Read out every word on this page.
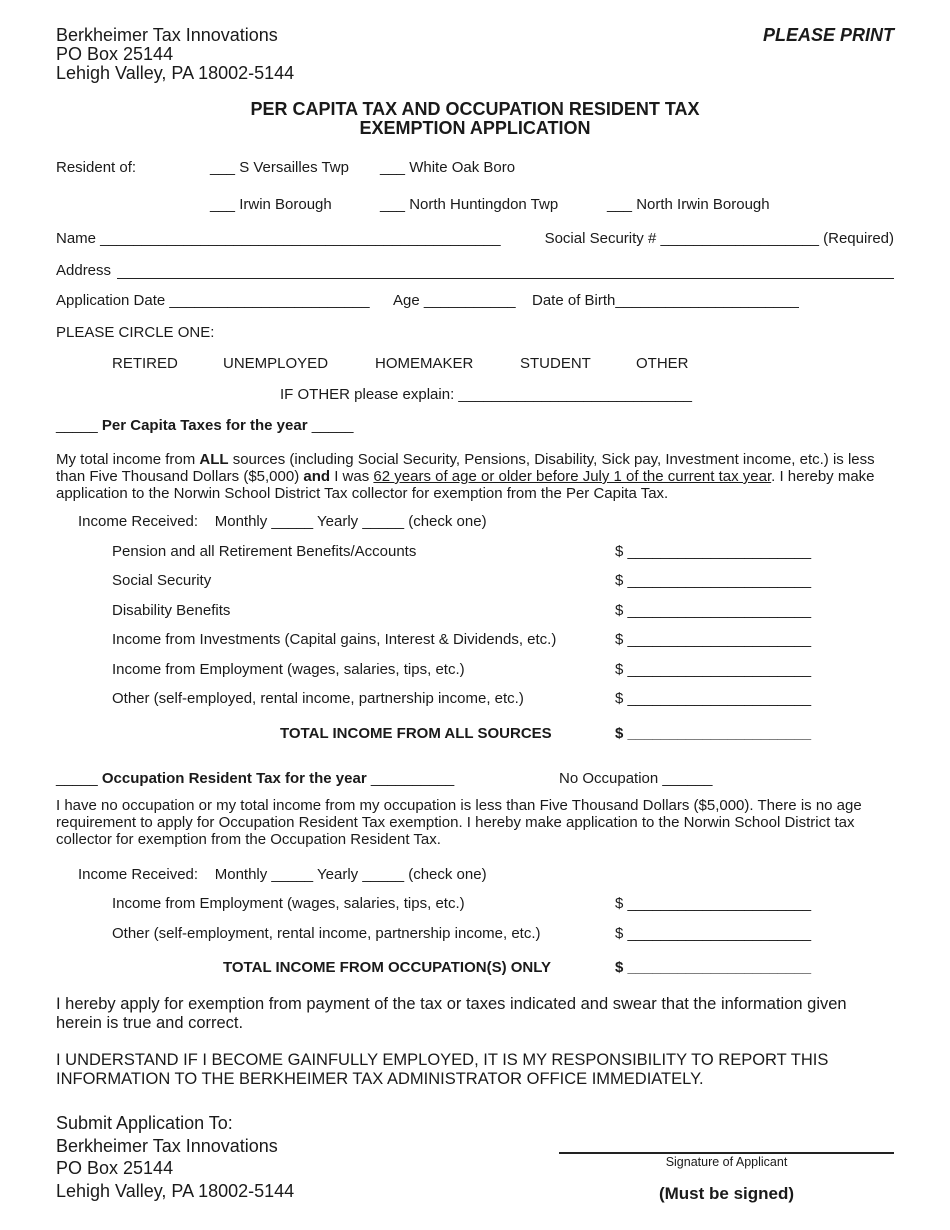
Berkheimer Tax Innovations
PO Box 25144
Lehigh Valley, PA 18002-5144
PLEASE PRINT
PER CAPITA TAX AND OCCUPATION RESIDENT TAX
EXEMPTION APPLICATION
Resident of:	___ S Versailles Twp ___ White Oak Boro
___ Irwin Borough	___ North Huntingdon Twp	___ North Irwin Borough
Name ________________________________________________	Social Security # ___________________ (Required)
Address
Application Date ________________________ Age ___________ Date of Birth______________________
PLEASE CIRCLE ONE:
RETIRED	UNEMPLOYED	HOMEMAKER	STUDENT	OTHER
IF OTHER please explain: ____________________________
_____ Per Capita Taxes for the year _____
My total income from ALL sources (including Social Security, Pensions, Disability, Sick pay, Investment income, etc.) is less than Five Thousand Dollars ($5,000) and I was 62 years of age or older before July 1 of the current tax year. I hereby make application to the Norwin School District Tax collector for exemption from the Per Capita Tax.
Income Received:    Monthly _____ Yearly _____ (check one)
Pension and all Retirement Benefits/Accounts	$ ______________________
Social Security	$ ______________________
Disability Benefits	$ ______________________
Income from Investments (Capital gains, Interest & Dividends, etc.)	$ ______________________
Income from Employment (wages, salaries, tips, etc.)	$ ______________________
Other (self-employed, rental income, partnership income, etc.)	$ ______________________
TOTAL INCOME FROM ALL SOURCES	$ ______________________
_____ Occupation Resident Tax for the year __________	No Occupation ______
I have no occupation or my total income from my occupation is less than Five Thousand Dollars ($5,000). There is no age requirement to apply for Occupation Resident Tax exemption. I hereby make application to the Norwin School District tax collector for exemption from the Occupation Resident Tax.
Income Received:    Monthly _____ Yearly _____ (check one)
Income from Employment (wages, salaries, tips, etc.)	$ ______________________
Other (self-employment, rental income, partnership income, etc.)	$ ______________________
TOTAL INCOME FROM OCCUPATION(S) ONLY	$ ______________________
I hereby apply for exemption from payment of the tax or taxes indicated and swear that the information given herein is true and correct.
I UNDERSTAND IF I BECOME GAINFULLY EMPLOYED, IT IS MY RESPONSIBILITY TO REPORT THIS INFORMATION TO THE BERKHEIMER TAX ADMINISTRATOR OFFICE IMMEDIATELY.
Submit Application To:
Berkheimer Tax Innovations
PO Box 25144
Lehigh Valley, PA 18002-5144
Signature of Applicant
(Must be signed)
